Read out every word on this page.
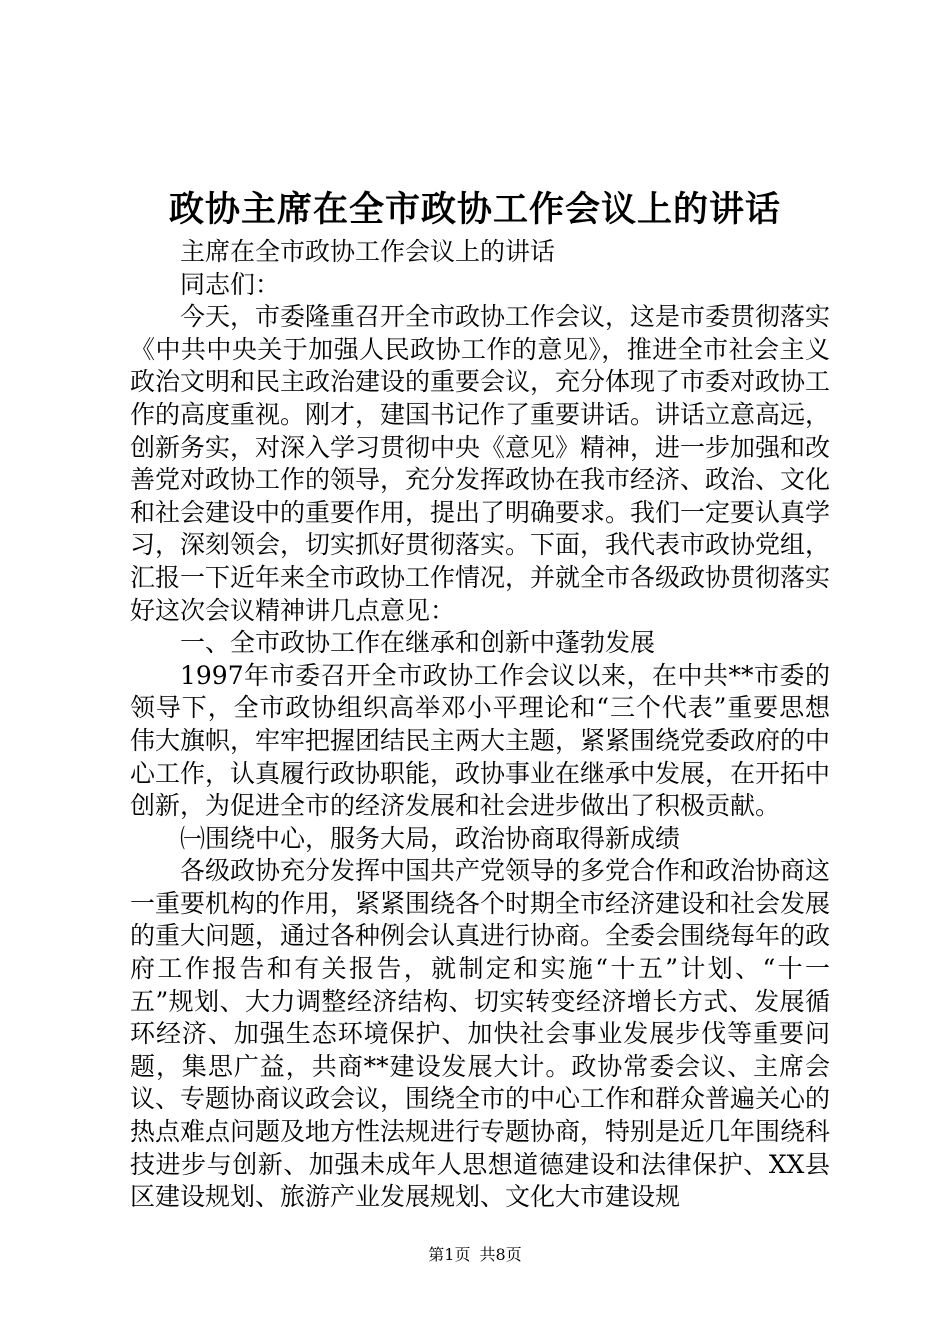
政协主席在全市政协工作会议上的讲话

主席在全市政协工作会议上的讲话

同志们：

今天，市委隆重召开全市政协工作会议，这是市委贯彻落实《中共中央关于加强人民政协工作的意见》，推进全市社会主义政治文明和民主政治建设的重要会议，充分体现了市委对政协工作的高度重视。刚才，建国书记作了重要讲话。讲话立意高远，创新务实，对深入学习贯彻中央《意见》精神，进一步加强和改善党对政协工作的领导，充分发挥政协在我市经济、政治、文化和社会建设中的重要作用，提出了明确要求。我们一定要认真学习，深刻领会，切实抓好贯彻落实。下面，我代表市政协党组，汇报一下近年来全市政协工作情况，并就全市各级政协贯彻落实好这次会议精神讲几点意见：

一、全市政协工作在继承和创新中蓬勃发展

1997年市委召开全市政协工作会议以来，在中共**市委的领导下，全市政协组织高举邓小平理论和“三个代表”重要思想伟大旗帜，牢牢把握团结民主两大主题，紧紧围绕党委政府的中心工作，认真履行政协职能，政协事业在继承中发展，在开拓中创新，为促进全市的经济发展和社会进步做出了积极贡献。

㈠围绕中心，服务大局，政治协商取得新成绩

各级政协充分发挥中国共产党领导的多党合作和政治协商这一重要机构的作用，紧紧围绕各个时期全市经济建设和社会发展的重大问题，通过各种例会认真进行协商。全委会围绕每年的政府工作报告和有关报告，就制定和实施“十五”计划、“十一五”规划、大力调整经济结构、切实转变经济增长方式、发展循环经济、加强生态环境保护、加快社会事业发展步伐等重要问题，集思广益，共商**建设发展大计。政协常委会议、主席会议、专题协商议政会议，围绕全市的中心工作和群众普遍关心的热点难点问题及地方性法规进行专题协商，特别是近几年围绕科技进步与创新、加强未成年人思想道德建设和法律保护、XX县区建设规划、旅游产业发展规划、文化大市建设规

第1页 共8页
